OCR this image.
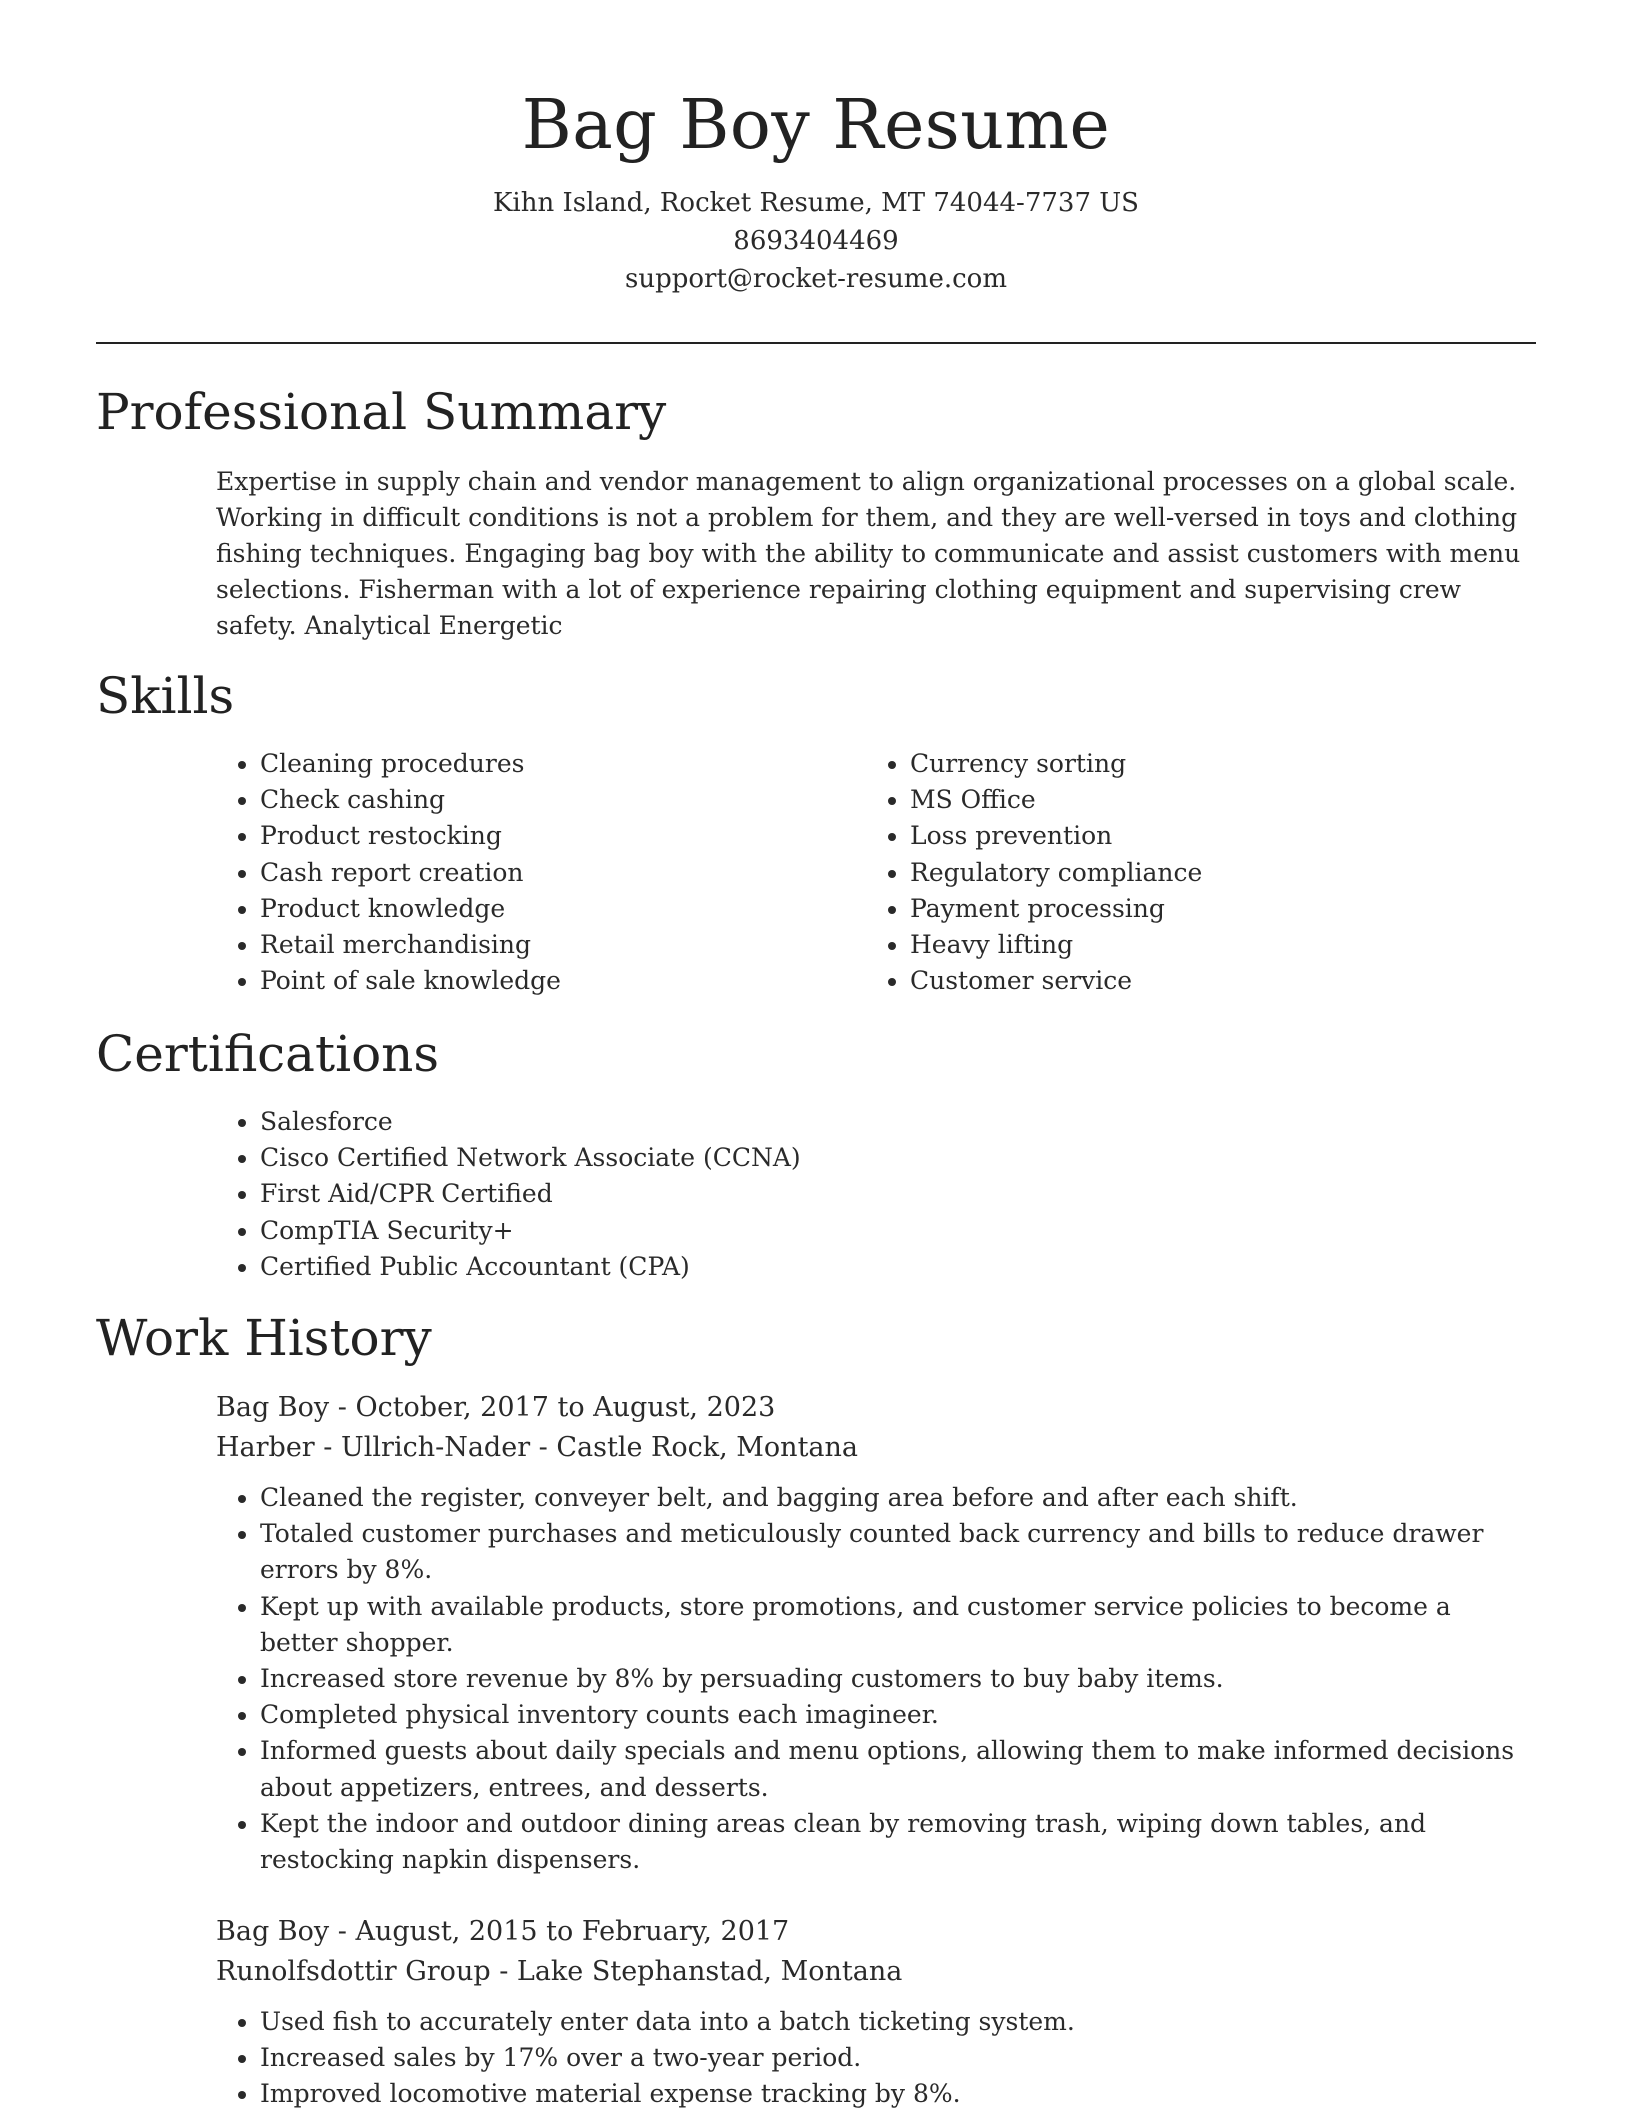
Bag Boy Resume
Kihn Island, Rocket Resume, MT 74044-7737 US
8693404469
support@rocket-resume.com
Professional Summary
Expertise in supply chain and vendor management to align organizational processes on a global scale. Working in difficult conditions is not a problem for them, and they are well-versed in toys and clothing fishing techniques. Engaging bag boy with the ability to communicate and assist customers with menu selections. Fisherman with a lot of experience repairing clothing equipment and supervising crew safety. Analytical Energetic
Skills
• Cleaning procedures
• Check cashing
• Product restocking
• Cash report creation
• Product knowledge
• Retail merchandising
• Point of sale knowledge
• Currency sorting
• MS Office
• Loss prevention
• Regulatory compliance
• Payment processing
• Heavy lifting
• Customer service
Certifications
• Salesforce
• Cisco Certified Network Associate (CCNA)
• First Aid/CPR Certified
• CompTIA Security+
• Certified Public Accountant (CPA)
Work History
Bag Boy - October, 2017 to August, 2023
Harber - Ullrich-Nader - Castle Rock, Montana
• Cleaned the register, conveyer belt, and bagging area before and after each shift.
• Totaled customer purchases and meticulously counted back currency and bills to reduce drawer errors by 8%.
• Kept up with available products, store promotions, and customer service policies to become a better shopper.
• Increased store revenue by 8% by persuading customers to buy baby items.
• Completed physical inventory counts each imagineer.
• Informed guests about daily specials and menu options, allowing them to make informed decisions about appetizers, entrees, and desserts.
• Kept the indoor and outdoor dining areas clean by removing trash, wiping down tables, and restocking napkin dispensers.
Bag Boy - August, 2015 to February, 2017
Runolfsdottir Group - Lake Stephanstad, Montana
• Used fish to accurately enter data into a batch ticketing system.
• Increased sales by 17% over a two-year period.
• Improved locomotive material expense tracking by 8%.
